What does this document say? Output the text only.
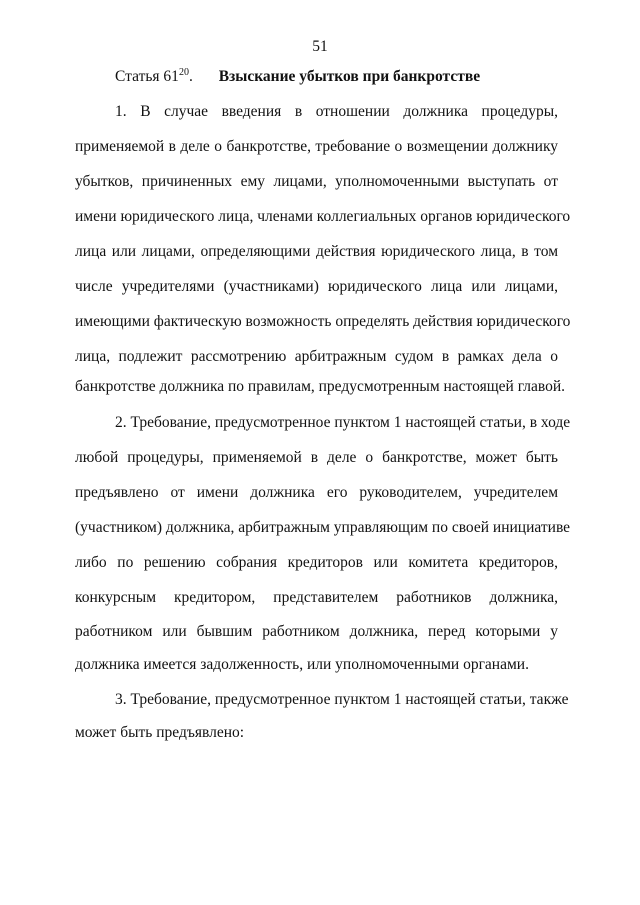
51
Статья $61^{20}$. Взыскание убытков при банкротстве
1. В случае введения в отношении должника процедуры,
применяемой в деле о банкротстве, требование о возмещении должнику
убытков, причиненных ему лицами, уполномоченными выступать от
имени юридического лица, членами коллегиальных органов юридического
лица или лицами, определяющими действия юридического лица, в том
числе учредителями (участниками) юридического лица или лицами,
имеющими фактическую возможность определять действия юридического
лица, подлежит рассмотрению арбитражным судом в рамках дела о
банкротстве должника по правилам, предусмотренным настоящей главой.
2. Требование, предусмотренное пунктом 1 настоящей статьи, в ходе
любой процедуры, применяемой в деле о банкротстве, может быть
предъявлено от имени должника его руководителем, учредителем
(участником) должника, арбитражным управляющим по своей инициативе
либо по решению собрания кредиторов или комитета кредиторов,
конкурсным кредитором, представителем работников должника,
работником или бывшим работником должника, перед которыми у
должника имеется задолженность, или уполномоченными органами.
3. Требование, предусмотренное пунктом 1 настоящей статьи, также
может быть предъявлено:
